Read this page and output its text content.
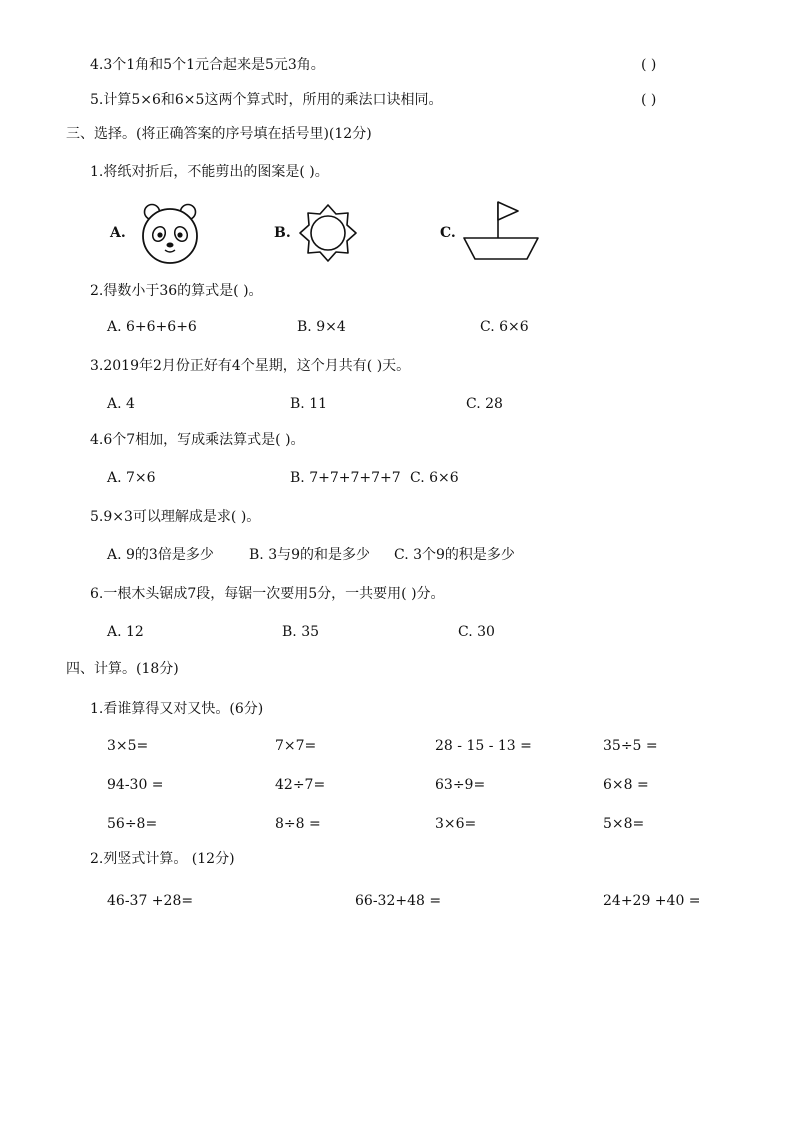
4.3个1角和5个1元合起来是5元3角。	( )
5.计算5×6和6×5这两个算式时，所用的乘法口诀相同。	( )
三、选择。(将正确答案的序号填在括号里)(12分)
1.将纸对折后，不能剪出的图案是( )。
A.	B.	C.
2.得数小于36的算式是( )。
A. 6+6+6+6	B. 9×4	C. 6×6
3.2019年2月份正好有4个星期，这个月共有( )天。
A. 4	B. 11	C. 28
4.6个7相加，写成乘法算式是( )。
A. 7×6	B. 7+7+7+7+7 C. 6×6
5.9×3可以理解成是求( )。
A. 9的3倍是多少	B. 3与9的和是多少 C. 3个9的积是多少
6.一根木头锯成7段，每锯一次要用5分，一共要用( )分。
A. 12	B. 35	C. 30
四、计算。(18分)
1.看谁算得又对又快。(6分)
3×5=	7×7=	28 - 15 - 13 =	35÷5 =
94-30 =	42÷7=	63÷9=	6×8 =
56÷8=	8÷8 =	3×6=	5×8=
2.列竖式计算。 (12分)
46-37 +28=	66-32+48 =	24+29 +40 =
